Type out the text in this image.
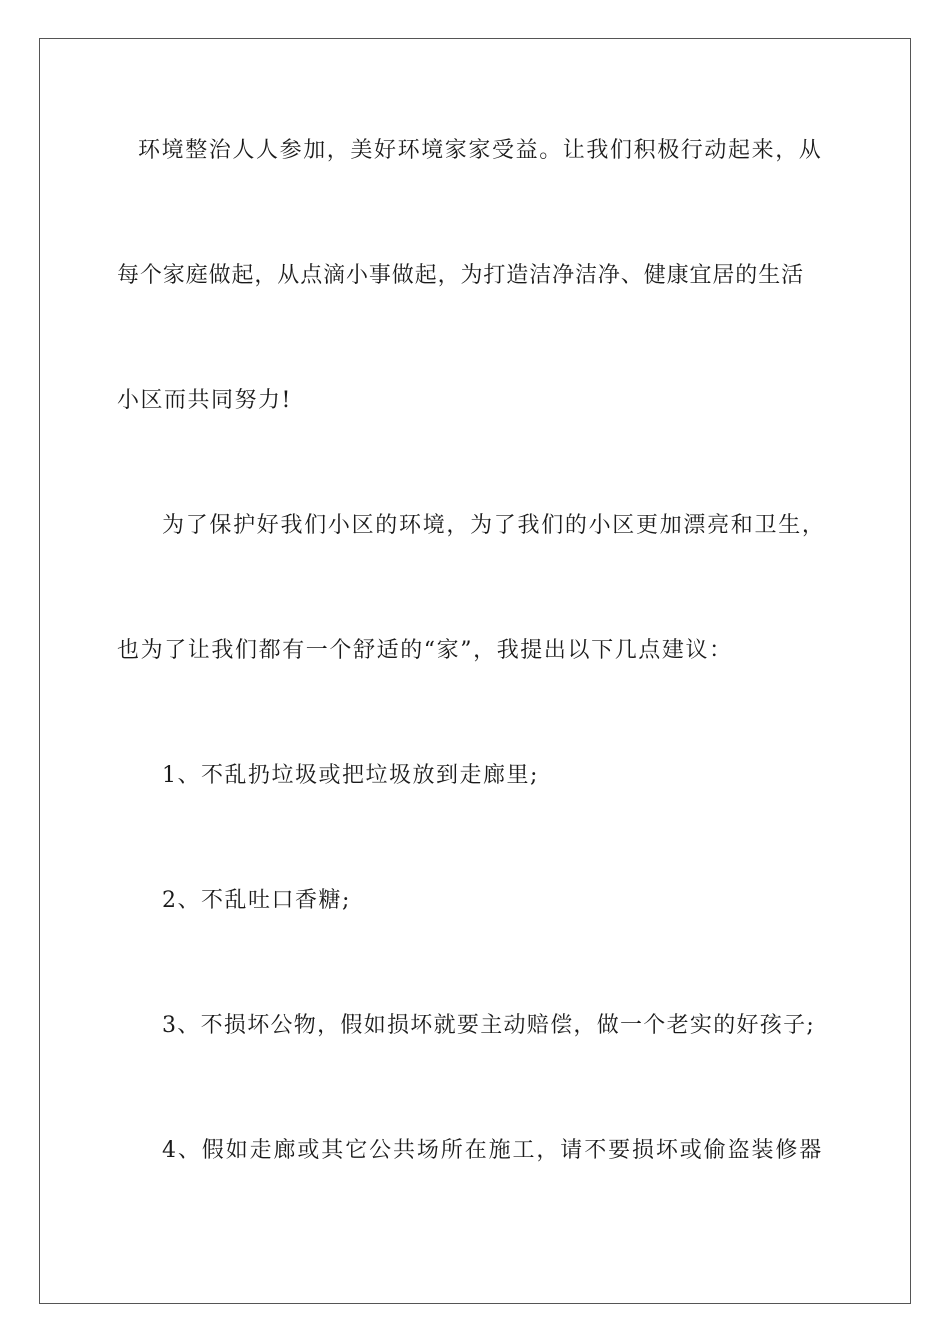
环境整治人人参加，美好环境家家受益。让我们积极行动起来，从
每个家庭做起，从点滴小事做起，为打造洁净洁净、健康宜居的生活
小区而共同努力!
为了保护好我们小区的环境，为了我们的小区更加漂亮和卫生，
也为了让我们都有一个舒适的“家”，我提出以下几点建议：
1、不乱扔垃圾或把垃圾放到走廊里;
2、不乱吐口香糖;
3、不损坏公物，假如损坏就要主动赔偿，做一个老实的好孩子;
4、假如走廊或其它公共场所在施工，请不要损坏或偷盗装修器
